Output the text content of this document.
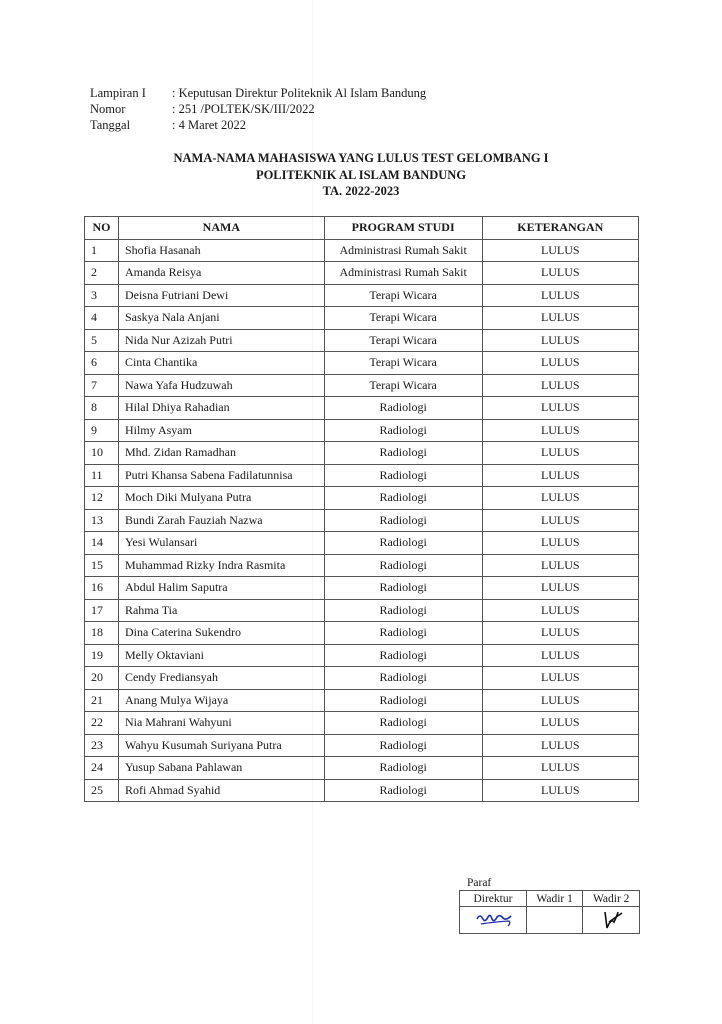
Lampiran I	: Keputusan Direktur Politeknik Al Islam Bandung
Nomor	: 251 /POLTEK/SK/III/2022
Tanggal	: 4 Maret 2022
NAMA-NAMA MAHASISWA YANG LULUS TEST GELOMBANG I
POLITEKNIK AL ISLAM BANDUNG
TA. 2022-2023
NO	NAMA	PROGRAM STUDI	KETERANGAN
1	Shofia Hasanah	Administrasi Rumah Sakit	LULUS
2	Amanda Reisya	Administrasi Rumah Sakit	LULUS
3	Deisna Futriani Dewi	Terapi Wicara	LULUS
4	Saskya Nala Anjani	Terapi Wicara	LULUS
5	Nida Nur Azizah Putri	Terapi Wicara	LULUS
6	Cinta Chantika	Terapi Wicara	LULUS
7	Nawa Yafa Hudzuwah	Terapi Wicara	LULUS
8	Hilal Dhiya Rahadian	Radiologi	LULUS
9	Hilmy Asyam	Radiologi	LULUS
10	Mhd. Zidan Ramadhan	Radiologi	LULUS
11	Putri Khansa Sabena Fadilatunnisa	Radiologi	LULUS
12	Moch Diki Mulyana Putra	Radiologi	LULUS
13	Bundi Zarah Fauziah Nazwa	Radiologi	LULUS
14	Yesi Wulansari	Radiologi	LULUS
15	Muhammad Rizky Indra Rasmita	Radiologi	LULUS
16	Abdul Halim Saputra	Radiologi	LULUS
17	Rahma Tia	Radiologi	LULUS
18	Dina Caterina Sukendro	Radiologi	LULUS
19	Melly Oktaviani	Radiologi	LULUS
20	Cendy Frediansyah	Radiologi	LULUS
21	Anang Mulya Wijaya	Radiologi	LULUS
22	Nia Mahrani Wahyuni	Radiologi	LULUS
23	Wahyu Kusumah Suriyana Putra	Radiologi	LULUS
24	Yusup Sabana Pahlawan	Radiologi	LULUS
25	Rofi Ahmad Syahid	Radiologi	LULUS
Paraf
Direktur	Wadir 1	Wadir 2
